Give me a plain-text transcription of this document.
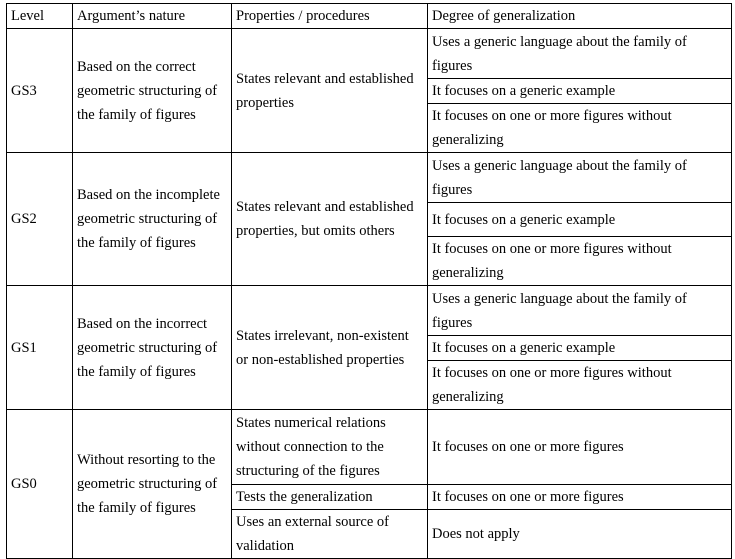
Level	Argument’s nature	Properties / procedures	Degree of generalization
GS3	Based on the correct geometric structuring of the family of figures	States relevant and established properties	Uses a generic language about the family of figures
			It focuses on a generic example
			It focuses on one or more figures without generalizing
GS2	Based on the incomplete geometric structuring of the family of figures	States relevant and established properties, but omits others	Uses a generic language about the family of figures
			It focuses on a generic example
			It focuses on one or more figures without generalizing
GS1	Based on the incorrect geometric structuring of the family of figures	States irrelevant, non-existent or non-established properties	Uses a generic language about the family of figures
			It focuses on a generic example
			It focuses on one or more figures without generalizing
GS0	Without resorting to the geometric structuring of the family of figures	States numerical relations without connection to the structuring of the figures	It focuses on one or more figures
		Tests the generalization	It focuses on one or more figures
		Uses an external source of validation	Does not apply
